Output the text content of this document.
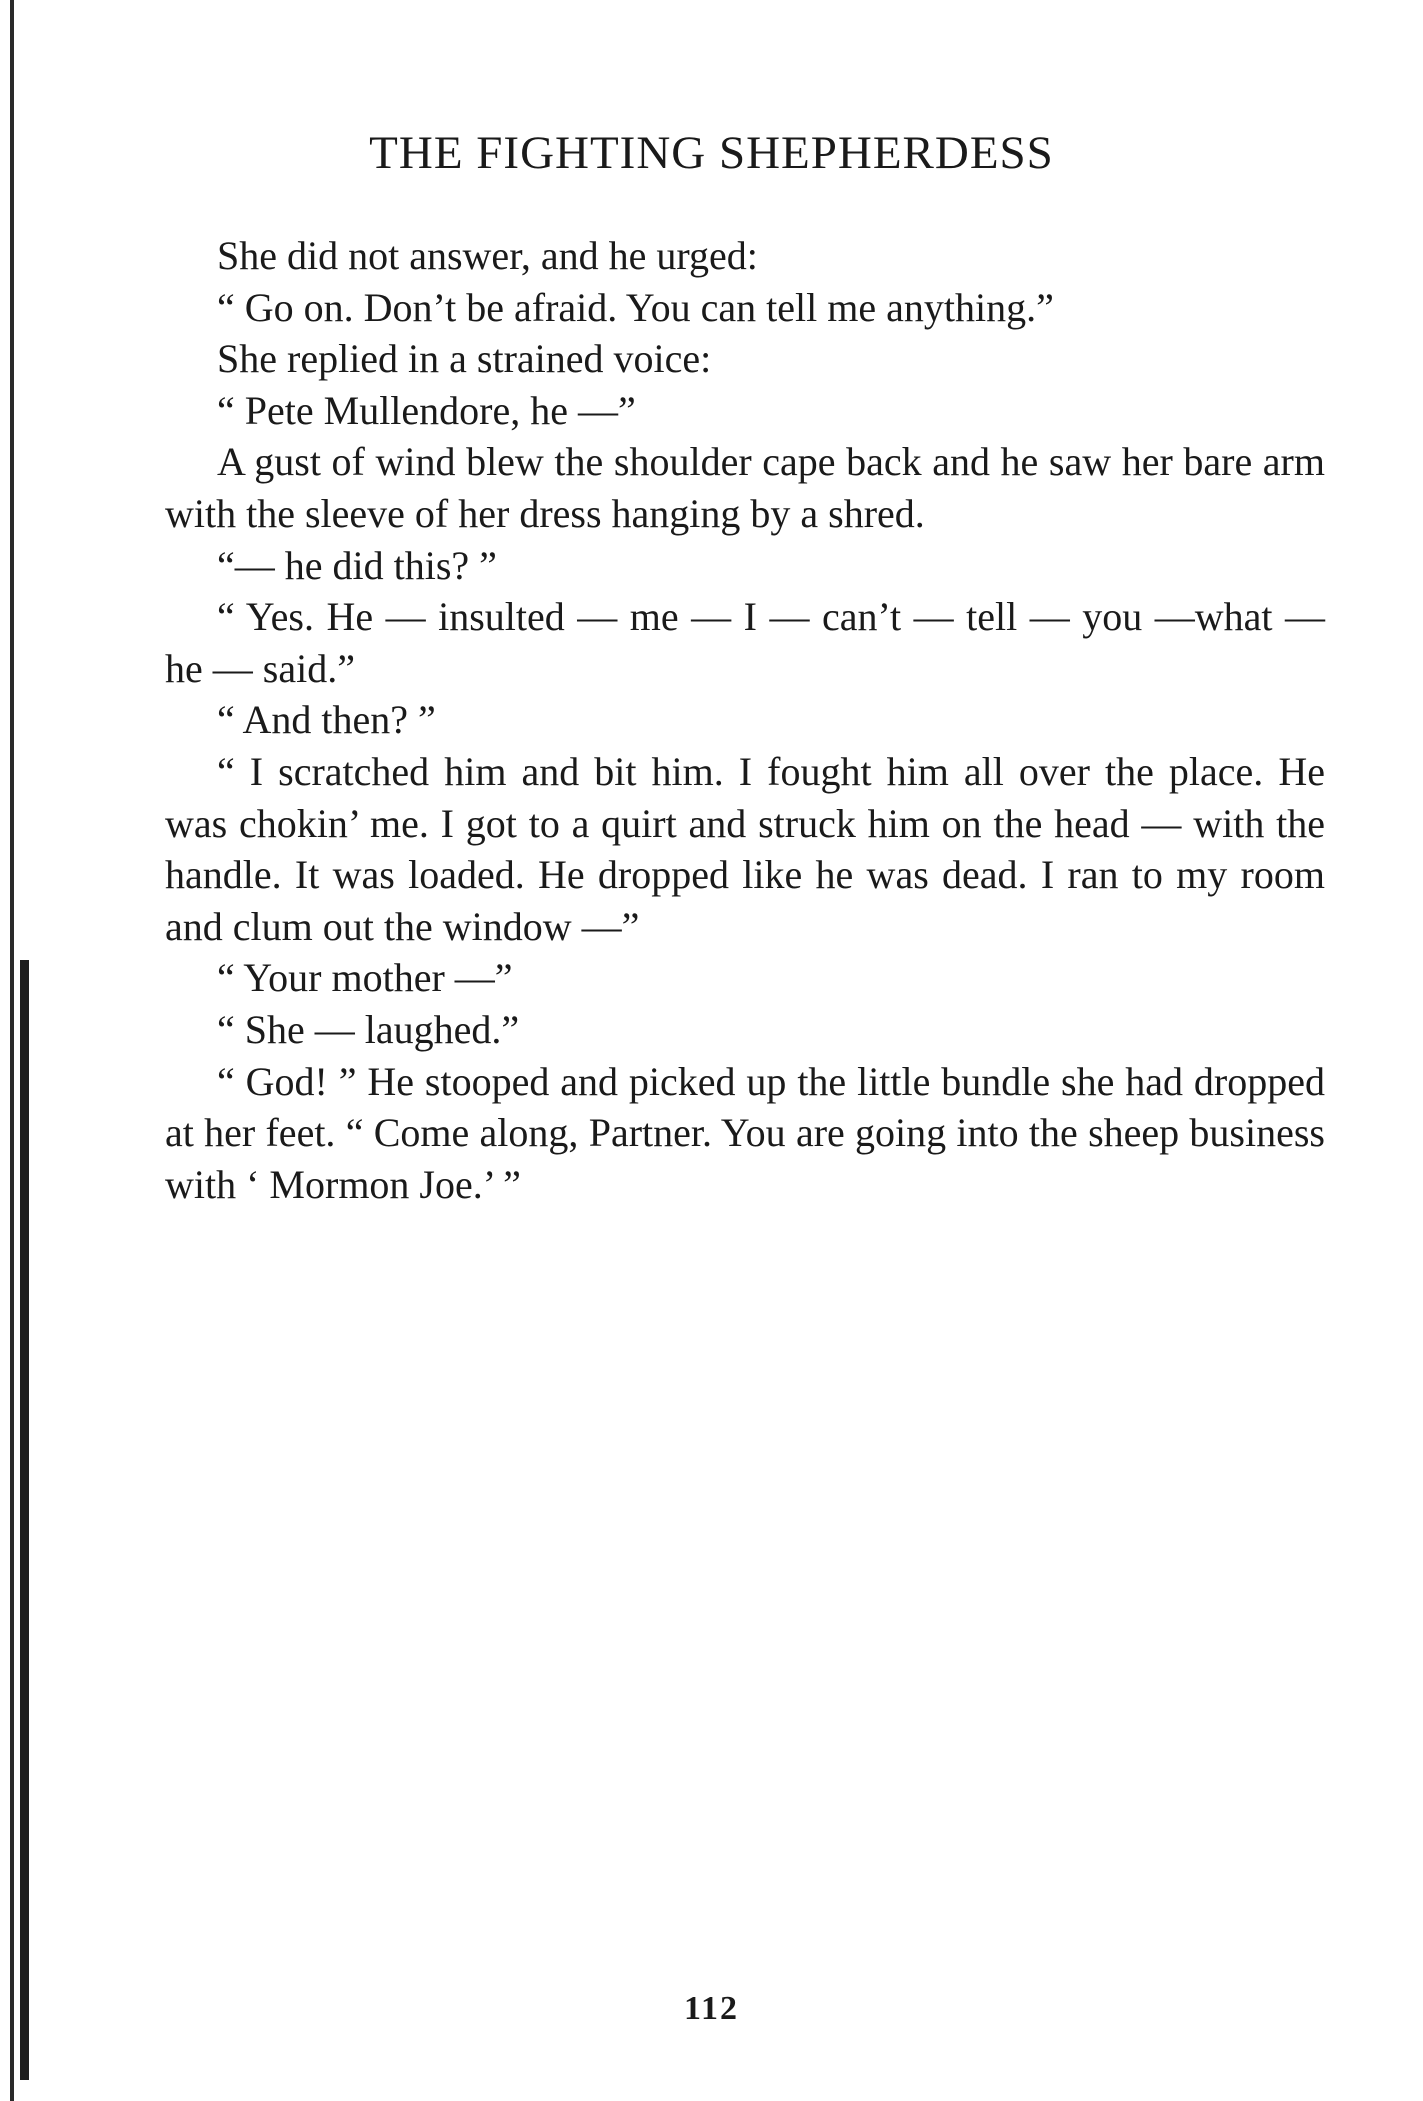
THE FIGHTING SHEPHERDESS

She did not answer, and he urged:

“ Go on. Don’t be afraid. You can tell me anything.”

She replied in a strained voice:

“ Pete Mullendore, he —”

A gust of wind blew the shoulder cape back and he saw her bare arm with the sleeve of her dress hanging by a shred.

“— he did this? ”

“ Yes. He — insulted — me — I — can’t — tell — you —what — he — said.”

“ And then? ”

“ I scratched him and bit him. I fought him all over the place. He was chokin’ me. I got to a quirt and struck him on the head — with the handle. It was loaded. He dropped like he was dead. I ran to my room and clum out the window —”

“ Your mother —”

“ She — laughed.”

“ God! ” He stooped and picked up the little bundle she had dropped at her feet. “ Come along, Partner. You are going into the sheep business with ‘ Mormon Joe.’ ”

112
